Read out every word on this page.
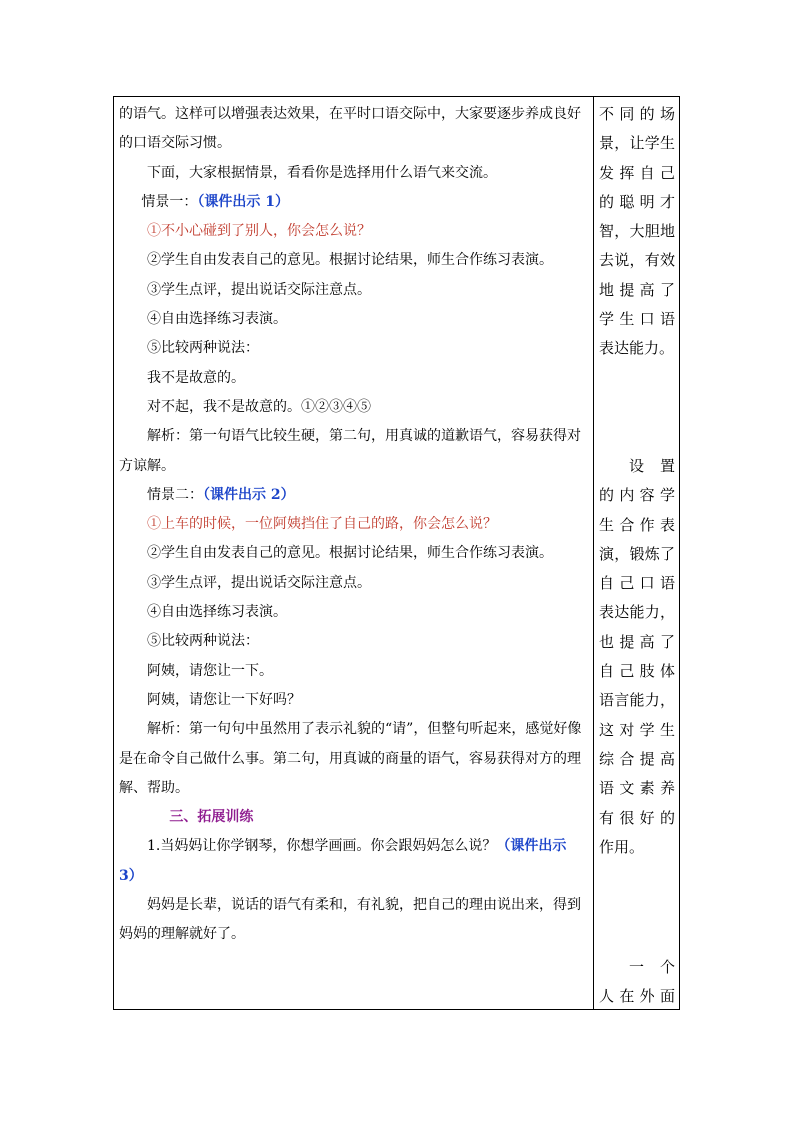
的语气。这样可以增强表达效果，在平时口语交际中，大家要逐步养成良好的口语交际习惯。

下面，大家根据情景，看看你是选择用什么语气来交流。

情景一：（课件出示 1）

①不小心碰到了别人，你会怎么说？

②学生自由发表自己的意见。根据讨论结果，师生合作练习表演。

③学生点评，提出说话交际注意点。

④自由选择练习表演。

⑤比较两种说法：

我不是故意的。

对不起，我不是故意的。①②③④⑤

解析：第一句语气比较生硬，第二句，用真诚的道歉语气，容易获得对方谅解。

情景二：（课件出示 2）

①上车的时候，一位阿姨挡住了自己的路，你会怎么说？

②学生自由发表自己的意见。根据讨论结果，师生合作练习表演。

③学生点评，提出说话交际注意点。

④自由选择练习表演。

⑤比较两种说法：

阿姨，请您让一下。

阿姨，请您让一下好吗？

解析：第一句句中虽然用了表示礼貌的“请”，但整句听起来，感觉好像是在命令自己做什么事。第二句，用真诚的商量的语气，容易获得对方的理解、帮助。

三、拓展训练

1.当妈妈让你学钢琴，你想学画画。你会跟妈妈怎么说？（课件出示 3）

妈妈是长辈，说话的语气有柔和，有礼貌，把自己的理由说出来，得到妈妈的理解就好了。

不同的场

景，让学生

发挥自己

的聪明才

智，大胆地

去说，有效

地提高了

学生口语

表达能力。

设 置

的内容学

生合作表

演，锻炼了

自己口语

表达能力，

也提高了

自己肢体

语言能力，

这对学生

综合提高

语文素养

有很好的

作用。

一 个

人在外面
